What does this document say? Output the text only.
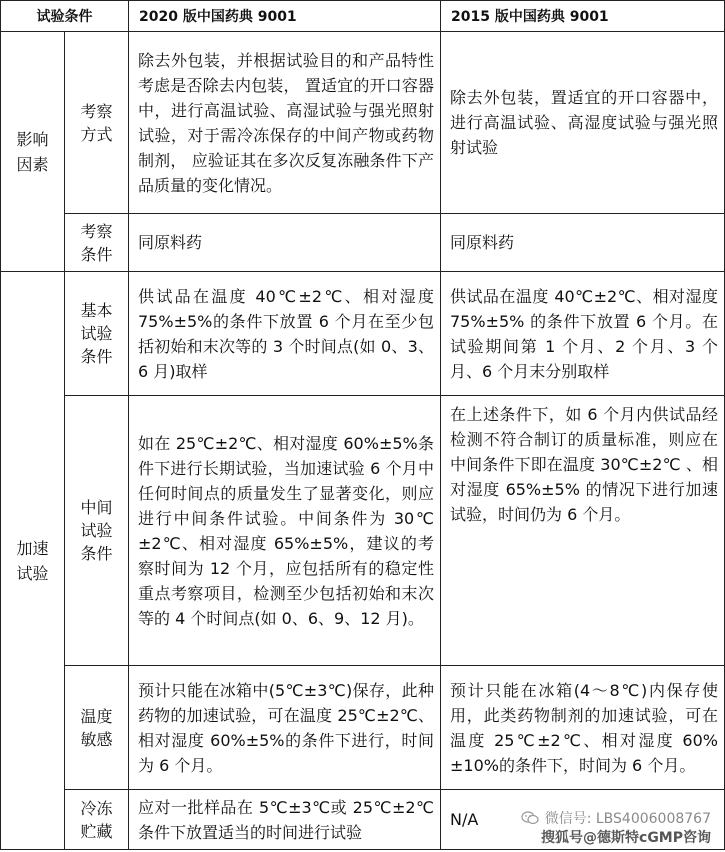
试验条件		2020 版中国药典 9001	2015 版中国药典 9001
影响因素	考察方式	除去外包装，并根据试验目的和产品特性考虑是否除去内包装， 置适宜的开口容器中，进行高温试验、高湿试验与强光照射试验，对于需冷冻保存的中间产物或药物制剂， 应验证其在多次反复冻融条件下产品质量的变化情况。	除去外包装，置适宜的开口容器中，进行高温试验、高湿度试验与强光照射试验
	考察条件	同原料药	同原料药
加速试验	基本试验条件	供试品在温度 40℃±2℃、相对湿度 75%±5%的条件下放置 6 个月在至少包括初始和末次等的 3 个时间点(如 0、3、6 月)取样	供试品在温度 40℃±2℃、相对湿度 75%±5% 的条件下放置 6 个月。在试验期间第 1 个月、2 个月、3 个月、6 个月末分别取样
	中间试验条件	如在 25℃±2℃、相对湿度 60%±5%条件下进行长期试验，当加速试验 6 个月中任何时间点的质量发生了显著变化，则应进行中间条件试验。中间条件为 30℃±2℃、相对湿度 65%±5%，建议的考察时间为 12 个月，应包括所有的稳定性重点考察项目，检测至少包括初始和末次等的 4 个时间点(如 0、6、9、12 月)。	在上述条件下，如 6 个月内供试品经检测不符合制订的质量标准，则应在中间条件下即在温度 30℃±2℃ 、相对湿度 65%±5% 的情况下进行加速试验，时间仍为 6 个月。
	温度敏感	预计只能在冰箱中(5℃±3℃)保存，此种药物的加速试验，可在温度 25℃±2℃、相对湿度 60%±5%的条件下进行，时间为 6 个月。	预计只能在冰箱(4～8℃)内保存使用，此类药物制剂的加速试验，可在温度 25℃±2℃、相对湿度 60%±10%的条件下，时间为 6 个月。
	冷冻贮藏	应对一批样品在 5℃±3℃或 25℃±2℃条件下放置适当的时间进行试验	N/A	微信号: LBS4006008767
搜狐号@德斯特cGMP咨询
